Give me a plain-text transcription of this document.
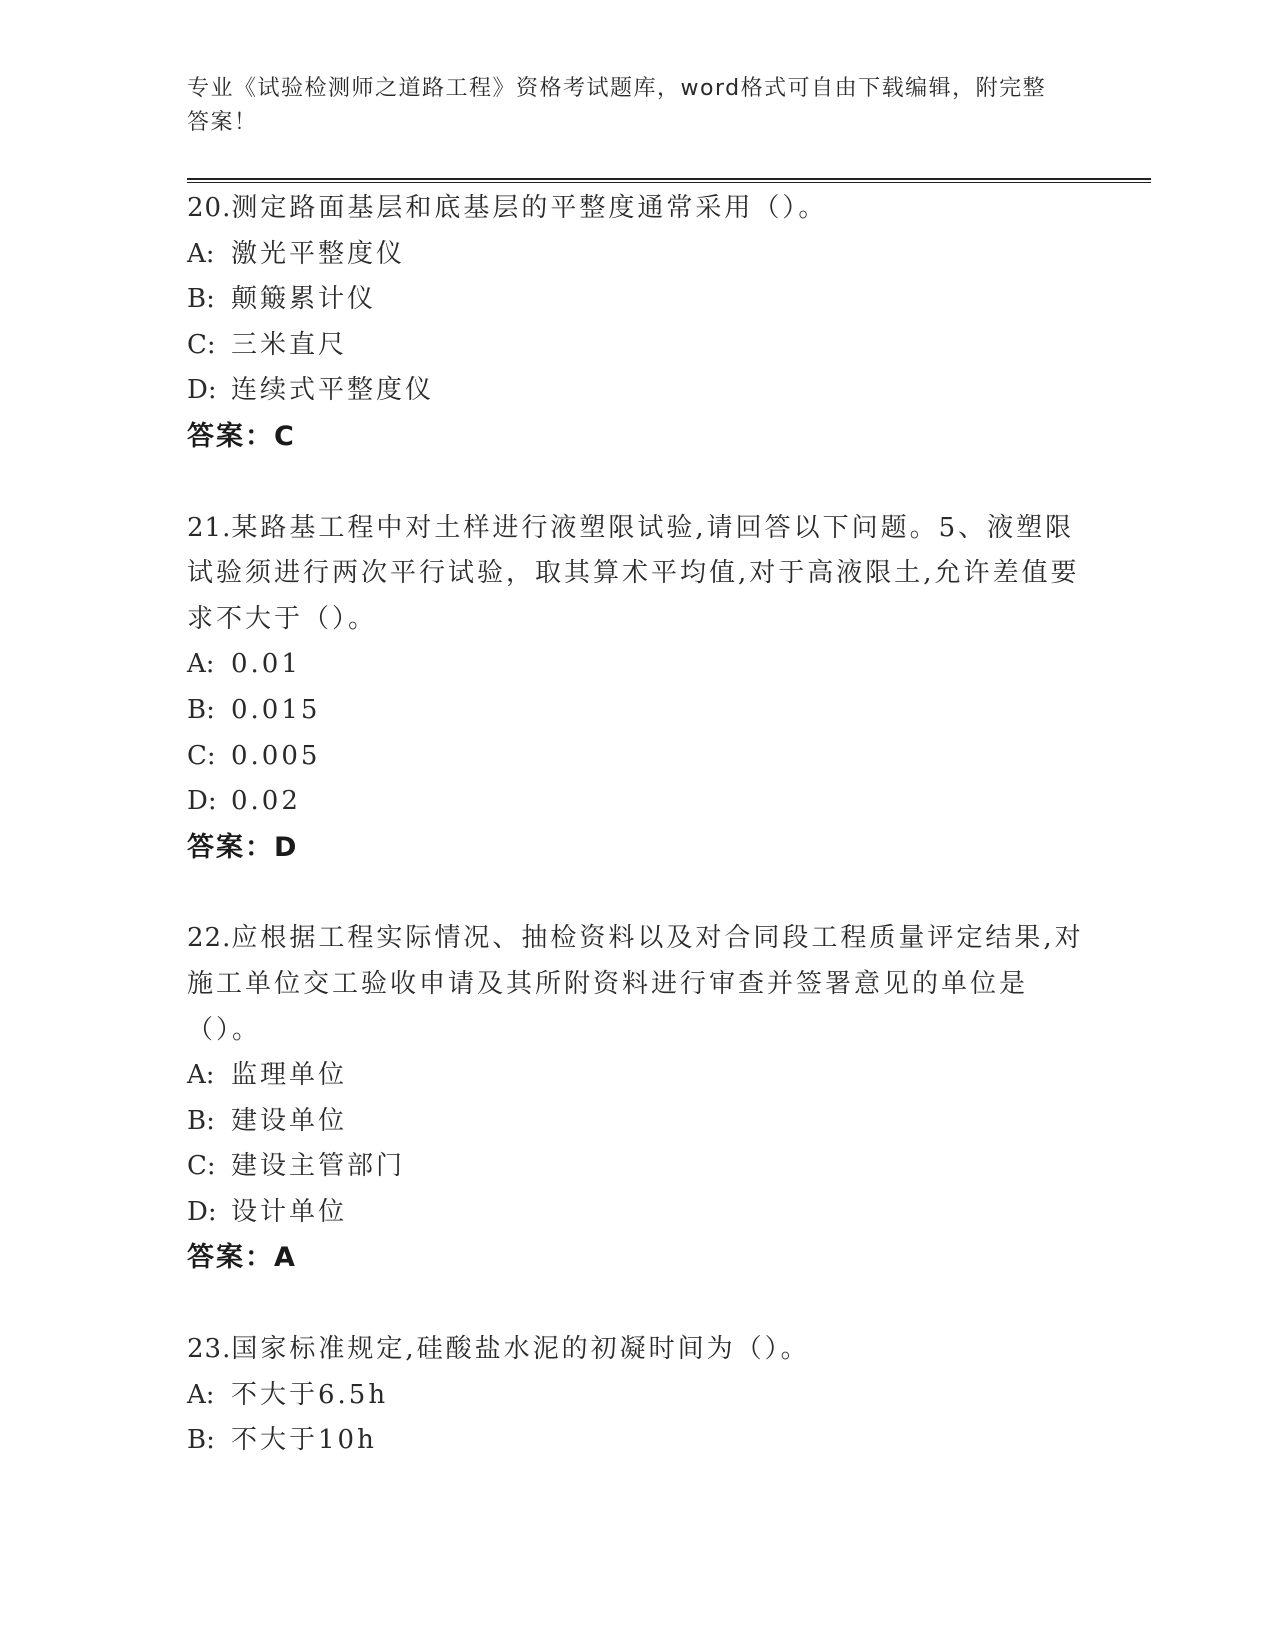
专业《试验检测师之道路工程》资格考试题库，word格式可自由下载编辑，附完整答案！
20.测定路面基层和底基层的平整度通常采用（）。
A: 激光平整度仪
B: 颠簸累计仪
C: 三米直尺
D: 连续式平整度仪
答案：C
21.某路基工程中对土样进行液塑限试验,请回答以下问题。5、液塑限试验须进行两次平行试验，取其算术平均值,对于高液限土,允许差值要求不大于（）。
A: 0.01
B: 0.015
C: 0.005
D: 0.02
答案：D
22.应根据工程实际情况、抽检资料以及对合同段工程质量评定结果,对施工单位交工验收申请及其所附资料进行审查并签署意见的单位是（）。
A: 监理单位
B: 建设单位
C: 建设主管部门
D: 设计单位
答案：A
23.国家标准规定,硅酸盐水泥的初凝时间为（）。
A: 不大于6.5h
B: 不大于10h
